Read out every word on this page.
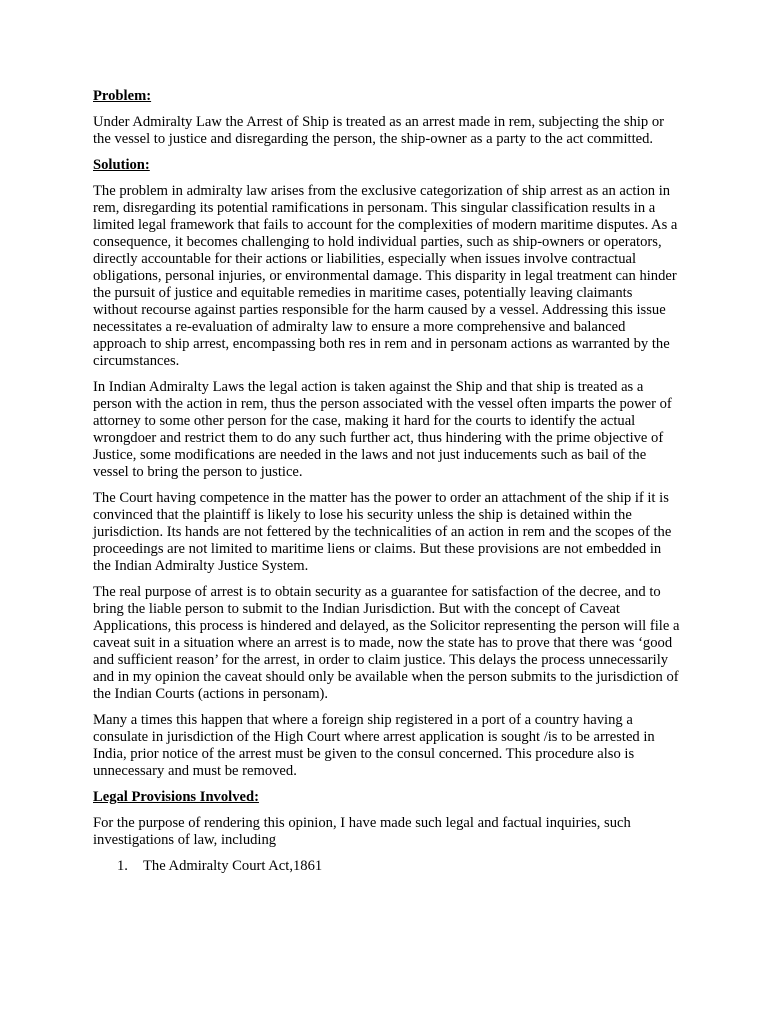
Problem:

Under Admiralty Law the Arrest of Ship is treated as an arrest made in rem, subjecting the ship or the vessel to justice and disregarding the person, the ship-owner as a party to the act committed.

Solution:

The problem in admiralty law arises from the exclusive categorization of ship arrest as an action in rem, disregarding its potential ramifications in personam. This singular classification results in a limited legal framework that fails to account for the complexities of modern maritime disputes. As a consequence, it becomes challenging to hold individual parties, such as ship-owners or operators, directly accountable for their actions or liabilities, especially when issues involve contractual obligations, personal injuries, or environmental damage. This disparity in legal treatment can hinder the pursuit of justice and equitable remedies in maritime cases, potentially leaving claimants without recourse against parties responsible for the harm caused by a vessel. Addressing this issue necessitates a re-evaluation of admiralty law to ensure a more comprehensive and balanced approach to ship arrest, encompassing both res in rem and in personam actions as warranted by the circumstances.

In Indian Admiralty Laws the legal action is taken against the Ship and that ship is treated as a person with the action in rem, thus the person associated with the vessel often imparts the power of attorney to some other person for the case, making it hard for the courts to identify the actual wrongdoer and restrict them to do any such further act, thus hindering with the prime objective of Justice, some modifications are needed in the laws and not just inducements such as bail of the vessel to bring the person to justice.

The Court having competence in the matter has the power to order an attachment of the ship if it is convinced that the plaintiff is likely to lose his security unless the ship is detained within the jurisdiction. Its hands are not fettered by the technicalities of an action in rem and the scopes of the proceedings are not limited to maritime liens or claims. But these provisions are not embedded in the Indian Admiralty Justice System.

The real purpose of arrest is to obtain security as a guarantee for satisfaction of the decree, and to bring the liable person to submit to the Indian Jurisdiction. But with the concept of Caveat Applications, this process is hindered and delayed, as the Solicitor representing the person will file a caveat suit in a situation where an arrest is to made, now the state has to prove that there was ‘good and sufficient reason’ for the arrest, in order to claim justice. This delays the process unnecessarily and in my opinion the caveat should only be available when the person submits to the jurisdiction of the Indian Courts (actions in personam).

Many a times this happen that where a foreign ship registered in a port of a country having a consulate in jurisdiction of the High Court where arrest application is sought /is to be arrested in India, prior notice of the arrest must be given to the consul concerned. This procedure also is unnecessary and must be removed.

Legal Provisions Involved:

For the purpose of rendering this opinion, I have made such legal and factual inquiries, such investigations of law, including

1.	The Admiralty Court Act,1861
